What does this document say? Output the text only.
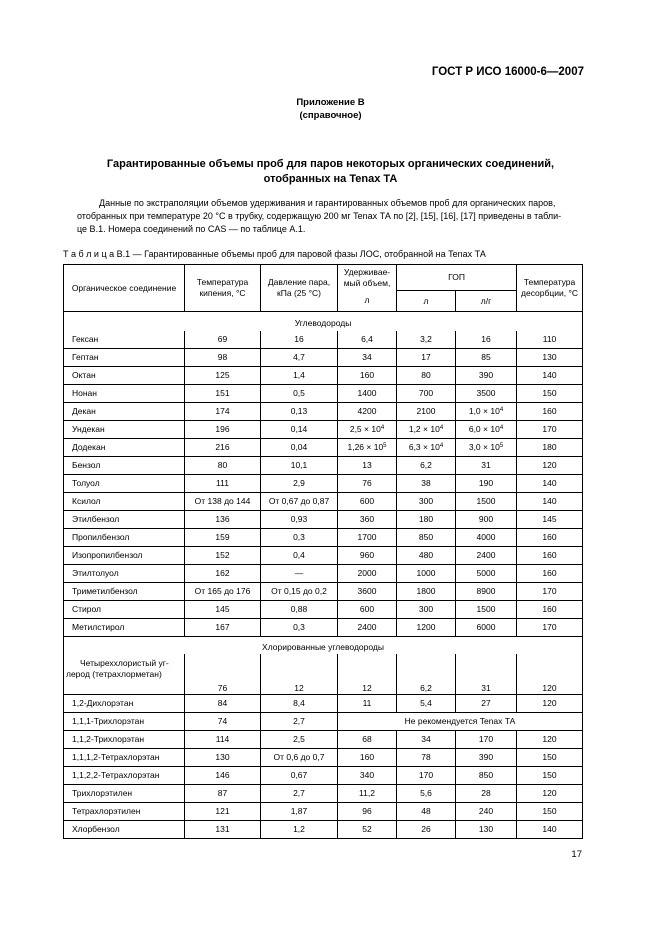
ГОСТ Р ИСО 16000-6—2007
Приложение В
(справочное)
Гарантированные объемы проб для паров некоторых органических соединений,
отобранных на Tenax ТА
Данные по экстраполяции объемов удерживания и гарантированных объемов проб для органических паров,
отобранных при температуре 20 °С в трубку, содержащую 200 мг Tenax ТА по [2], [15], [16], [17] приведены в табли-
це В.1. Номера соединений по CAS — по таблице А.1.
Т а б л и ц а В.1 — Гарантированные объемы проб для паровой фазы ЛОС, отобранной на Tenax ТА
Органическое соединение	Температура кипения, °С	Давление пара, кПа (25 °С)	Удерживае-мый объем,	ГОП		Температура десорбции, °С
			л	л	л/г	
Углеводороды						
Гексан	69	16	6,4	3,2	16	110
Гептан	98	4,7	34	17	85	130
Октан	125	1,4	160	80	390	140
Нонан	151	0,5	1400	700	3500	150
Декан	174	0,13	4200	2100	$1,0 \times 10^4$	160
Ундекан	196	0,14	$2,5 \times 10^4$	$1,2 \times 10^4$	$6,0 \times 10^4$	170
Додекан	216	0,04	$1,26 \times 10^5$	$6,3 \times 10^4$	$3,0 \times 10^5$	180
Бензол	80	10,1	13	6,2	31	120
Толуол	111	2,9	76	38	190	140
Ксилол	От 138 до 144	От 0,67 до 0,87	600	300	1500	140
Этилбензол	136	0,93	360	180	900	145
Пропилбензол	159	0,3	1700	850	4000	160
Изопропилбензол	152	0,4	960	480	2400	160
Этилтолуол	162	—	2000	1000	5000	160
Триметилбензол	От 165 до 176	От 0,15 до 0,2	3600	1800	8900	170
Стирол	145	0,88	600	300	1500	160
Метилстирол	167	0,3	2400	1200	6000	170
Хлорированные углеводороды						

Четыреххлористый уг-
лерод (тетрахлорметан)	76	12	12	6,2	31	120
1,2-Дихлорэтан	84	8,4	11	5,4	27	120
1,1,1-Трихлорэтан	74	2,7	Не рекомендуется Tenax ТА			
1,1,2-Трихлорэтан	114	2,5	68	34	170	120
1,1,1,2-Тетрахлорэтан	130	От 0,6 до 0,7	160	78	390	150
1,1,2,2-Тетрахлорэтан	146	0,67	340	170	850	150
Трихлорэтилен	87	2,7	11,2	5,6	28	120
Тетрахлорэтилен	121	1,87	96	48	240	150
Хлорбензол	131	1,2	52	26	130	140
17
